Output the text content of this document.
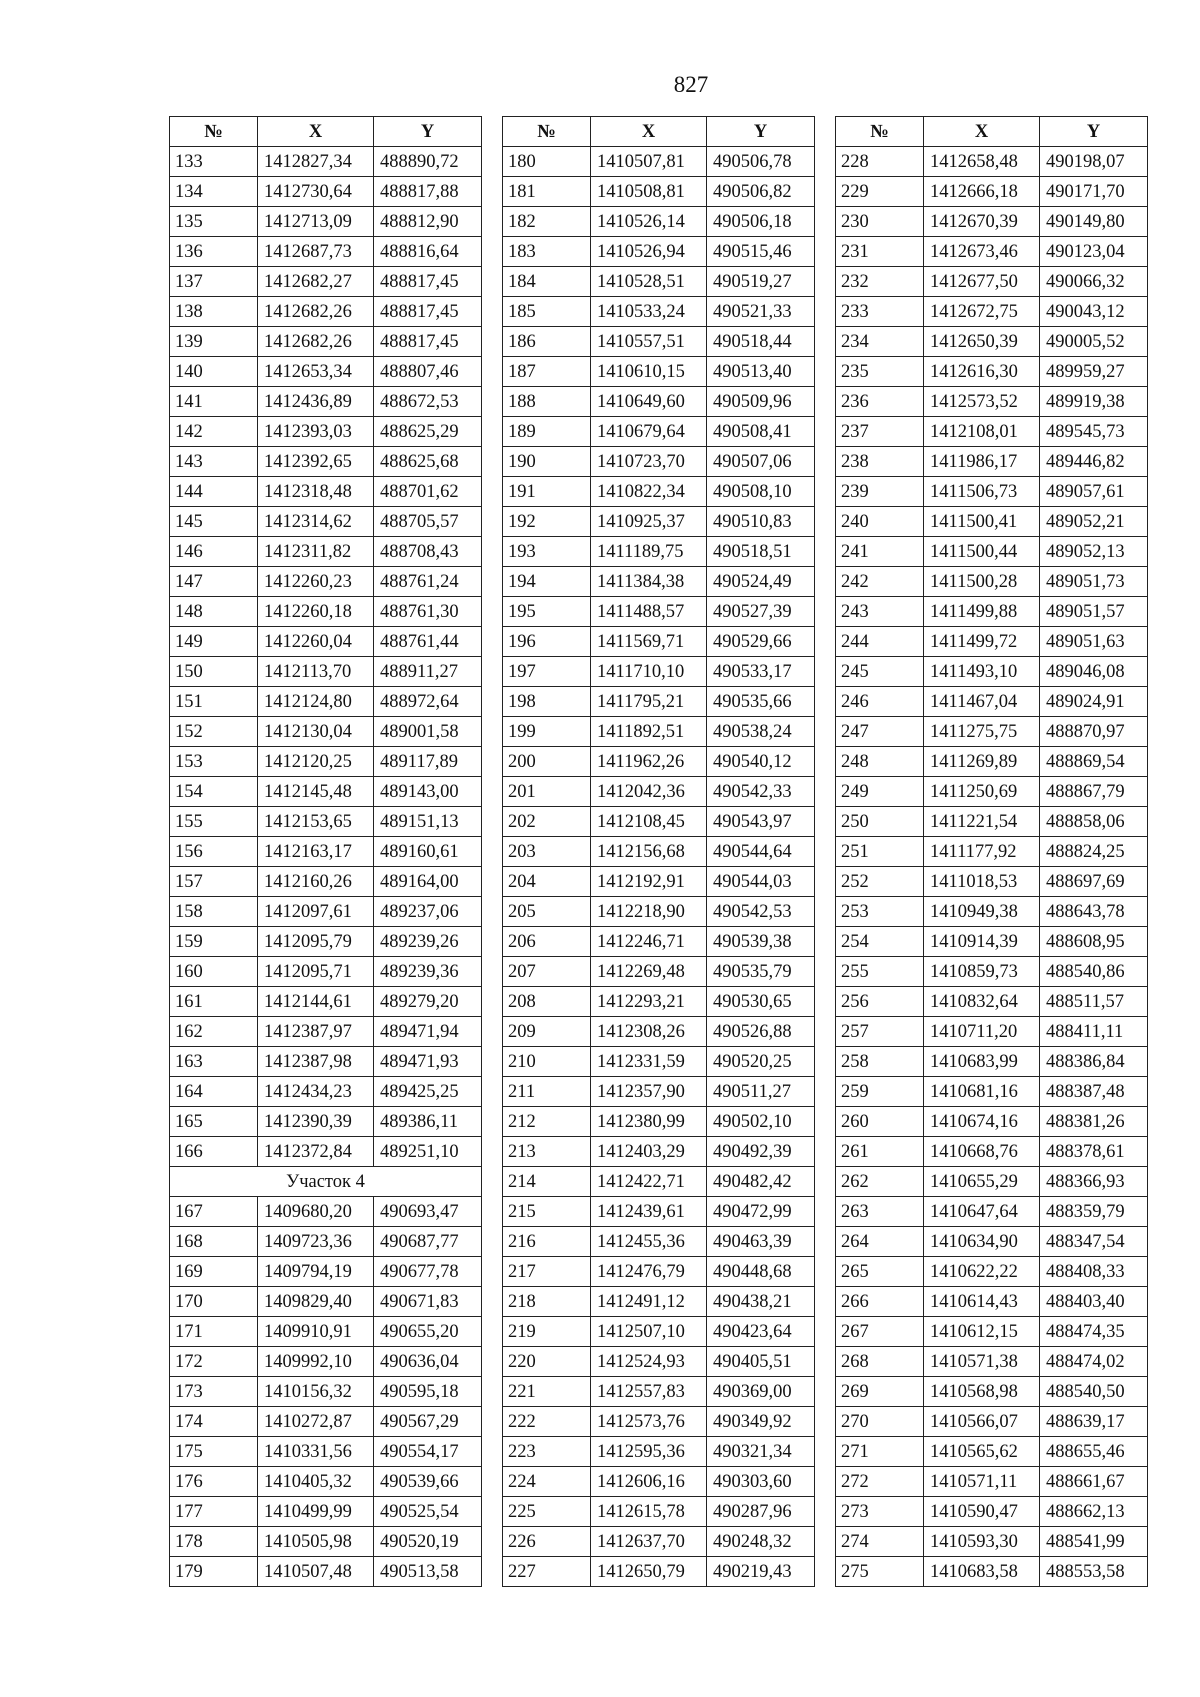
827
№	X	Y
133	1412827,34	488890,72
134	1412730,64	488817,88
135	1412713,09	488812,90
136	1412687,73	488816,64
137	1412682,27	488817,45
138	1412682,26	488817,45
139	1412682,26	488817,45
140	1412653,34	488807,46
141	1412436,89	488672,53
142	1412393,03	488625,29
143	1412392,65	488625,68
144	1412318,48	488701,62
145	1412314,62	488705,57
146	1412311,82	488708,43
147	1412260,23	488761,24
148	1412260,18	488761,30
149	1412260,04	488761,44
150	1412113,70	488911,27
151	1412124,80	488972,64
152	1412130,04	489001,58
153	1412120,25	489117,89
154	1412145,48	489143,00
155	1412153,65	489151,13
156	1412163,17	489160,61
157	1412160,26	489164,00
158	1412097,61	489237,06
159	1412095,79	489239,26
160	1412095,71	489239,36
161	1412144,61	489279,20
162	1412387,97	489471,94
163	1412387,98	489471,93
164	1412434,23	489425,25
165	1412390,39	489386,11
166	1412372,84	489251,10
Участок 4		
167	1409680,20	490693,47
168	1409723,36	490687,77
169	1409794,19	490677,78
170	1409829,40	490671,83
171	1409910,91	490655,20
172	1409992,10	490636,04
173	1410156,32	490595,18
174	1410272,87	490567,29
175	1410331,56	490554,17
176	1410405,32	490539,66
177	1410499,99	490525,54
178	1410505,98	490520,19
179	1410507,48	490513,58
№	X	Y
180	1410507,81	490506,78
181	1410508,81	490506,82
182	1410526,14	490506,18
183	1410526,94	490515,46
184	1410528,51	490519,27
185	1410533,24	490521,33
186	1410557,51	490518,44
187	1410610,15	490513,40
188	1410649,60	490509,96
189	1410679,64	490508,41
190	1410723,70	490507,06
191	1410822,34	490508,10
192	1410925,37	490510,83
193	1411189,75	490518,51
194	1411384,38	490524,49
195	1411488,57	490527,39
196	1411569,71	490529,66
197	1411710,10	490533,17
198	1411795,21	490535,66
199	1411892,51	490538,24
200	1411962,26	490540,12
201	1412042,36	490542,33
202	1412108,45	490543,97
203	1412156,68	490544,64
204	1412192,91	490544,03
205	1412218,90	490542,53
206	1412246,71	490539,38
207	1412269,48	490535,79
208	1412293,21	490530,65
209	1412308,26	490526,88
210	1412331,59	490520,25
211	1412357,90	490511,27
212	1412380,99	490502,10
213	1412403,29	490492,39
214	1412422,71	490482,42
215	1412439,61	490472,99
216	1412455,36	490463,39
217	1412476,79	490448,68
218	1412491,12	490438,21
219	1412507,10	490423,64
220	1412524,93	490405,51
221	1412557,83	490369,00
222	1412573,76	490349,92
223	1412595,36	490321,34
224	1412606,16	490303,60
225	1412615,78	490287,96
226	1412637,70	490248,32
227	1412650,79	490219,43
№	X	Y
228	1412658,48	490198,07
229	1412666,18	490171,70
230	1412670,39	490149,80
231	1412673,46	490123,04
232	1412677,50	490066,32
233	1412672,75	490043,12
234	1412650,39	490005,52
235	1412616,30	489959,27
236	1412573,52	489919,38
237	1412108,01	489545,73
238	1411986,17	489446,82
239	1411506,73	489057,61
240	1411500,41	489052,21
241	1411500,44	489052,13
242	1411500,28	489051,73
243	1411499,88	489051,57
244	1411499,72	489051,63
245	1411493,10	489046,08
246	1411467,04	489024,91
247	1411275,75	488870,97
248	1411269,89	488869,54
249	1411250,69	488867,79
250	1411221,54	488858,06
251	1411177,92	488824,25
252	1411018,53	488697,69
253	1410949,38	488643,78
254	1410914,39	488608,95
255	1410859,73	488540,86
256	1410832,64	488511,57
257	1410711,20	488411,11
258	1410683,99	488386,84
259	1410681,16	488387,48
260	1410674,16	488381,26
261	1410668,76	488378,61
262	1410655,29	488366,93
263	1410647,64	488359,79
264	1410634,90	488347,54
265	1410622,22	488408,33
266	1410614,43	488403,40
267	1410612,15	488474,35
268	1410571,38	488474,02
269	1410568,98	488540,50
270	1410566,07	488639,17
271	1410565,62	488655,46
272	1410571,11	488661,67
273	1410590,47	488662,13
274	1410593,30	488541,99
275	1410683,58	488553,58
